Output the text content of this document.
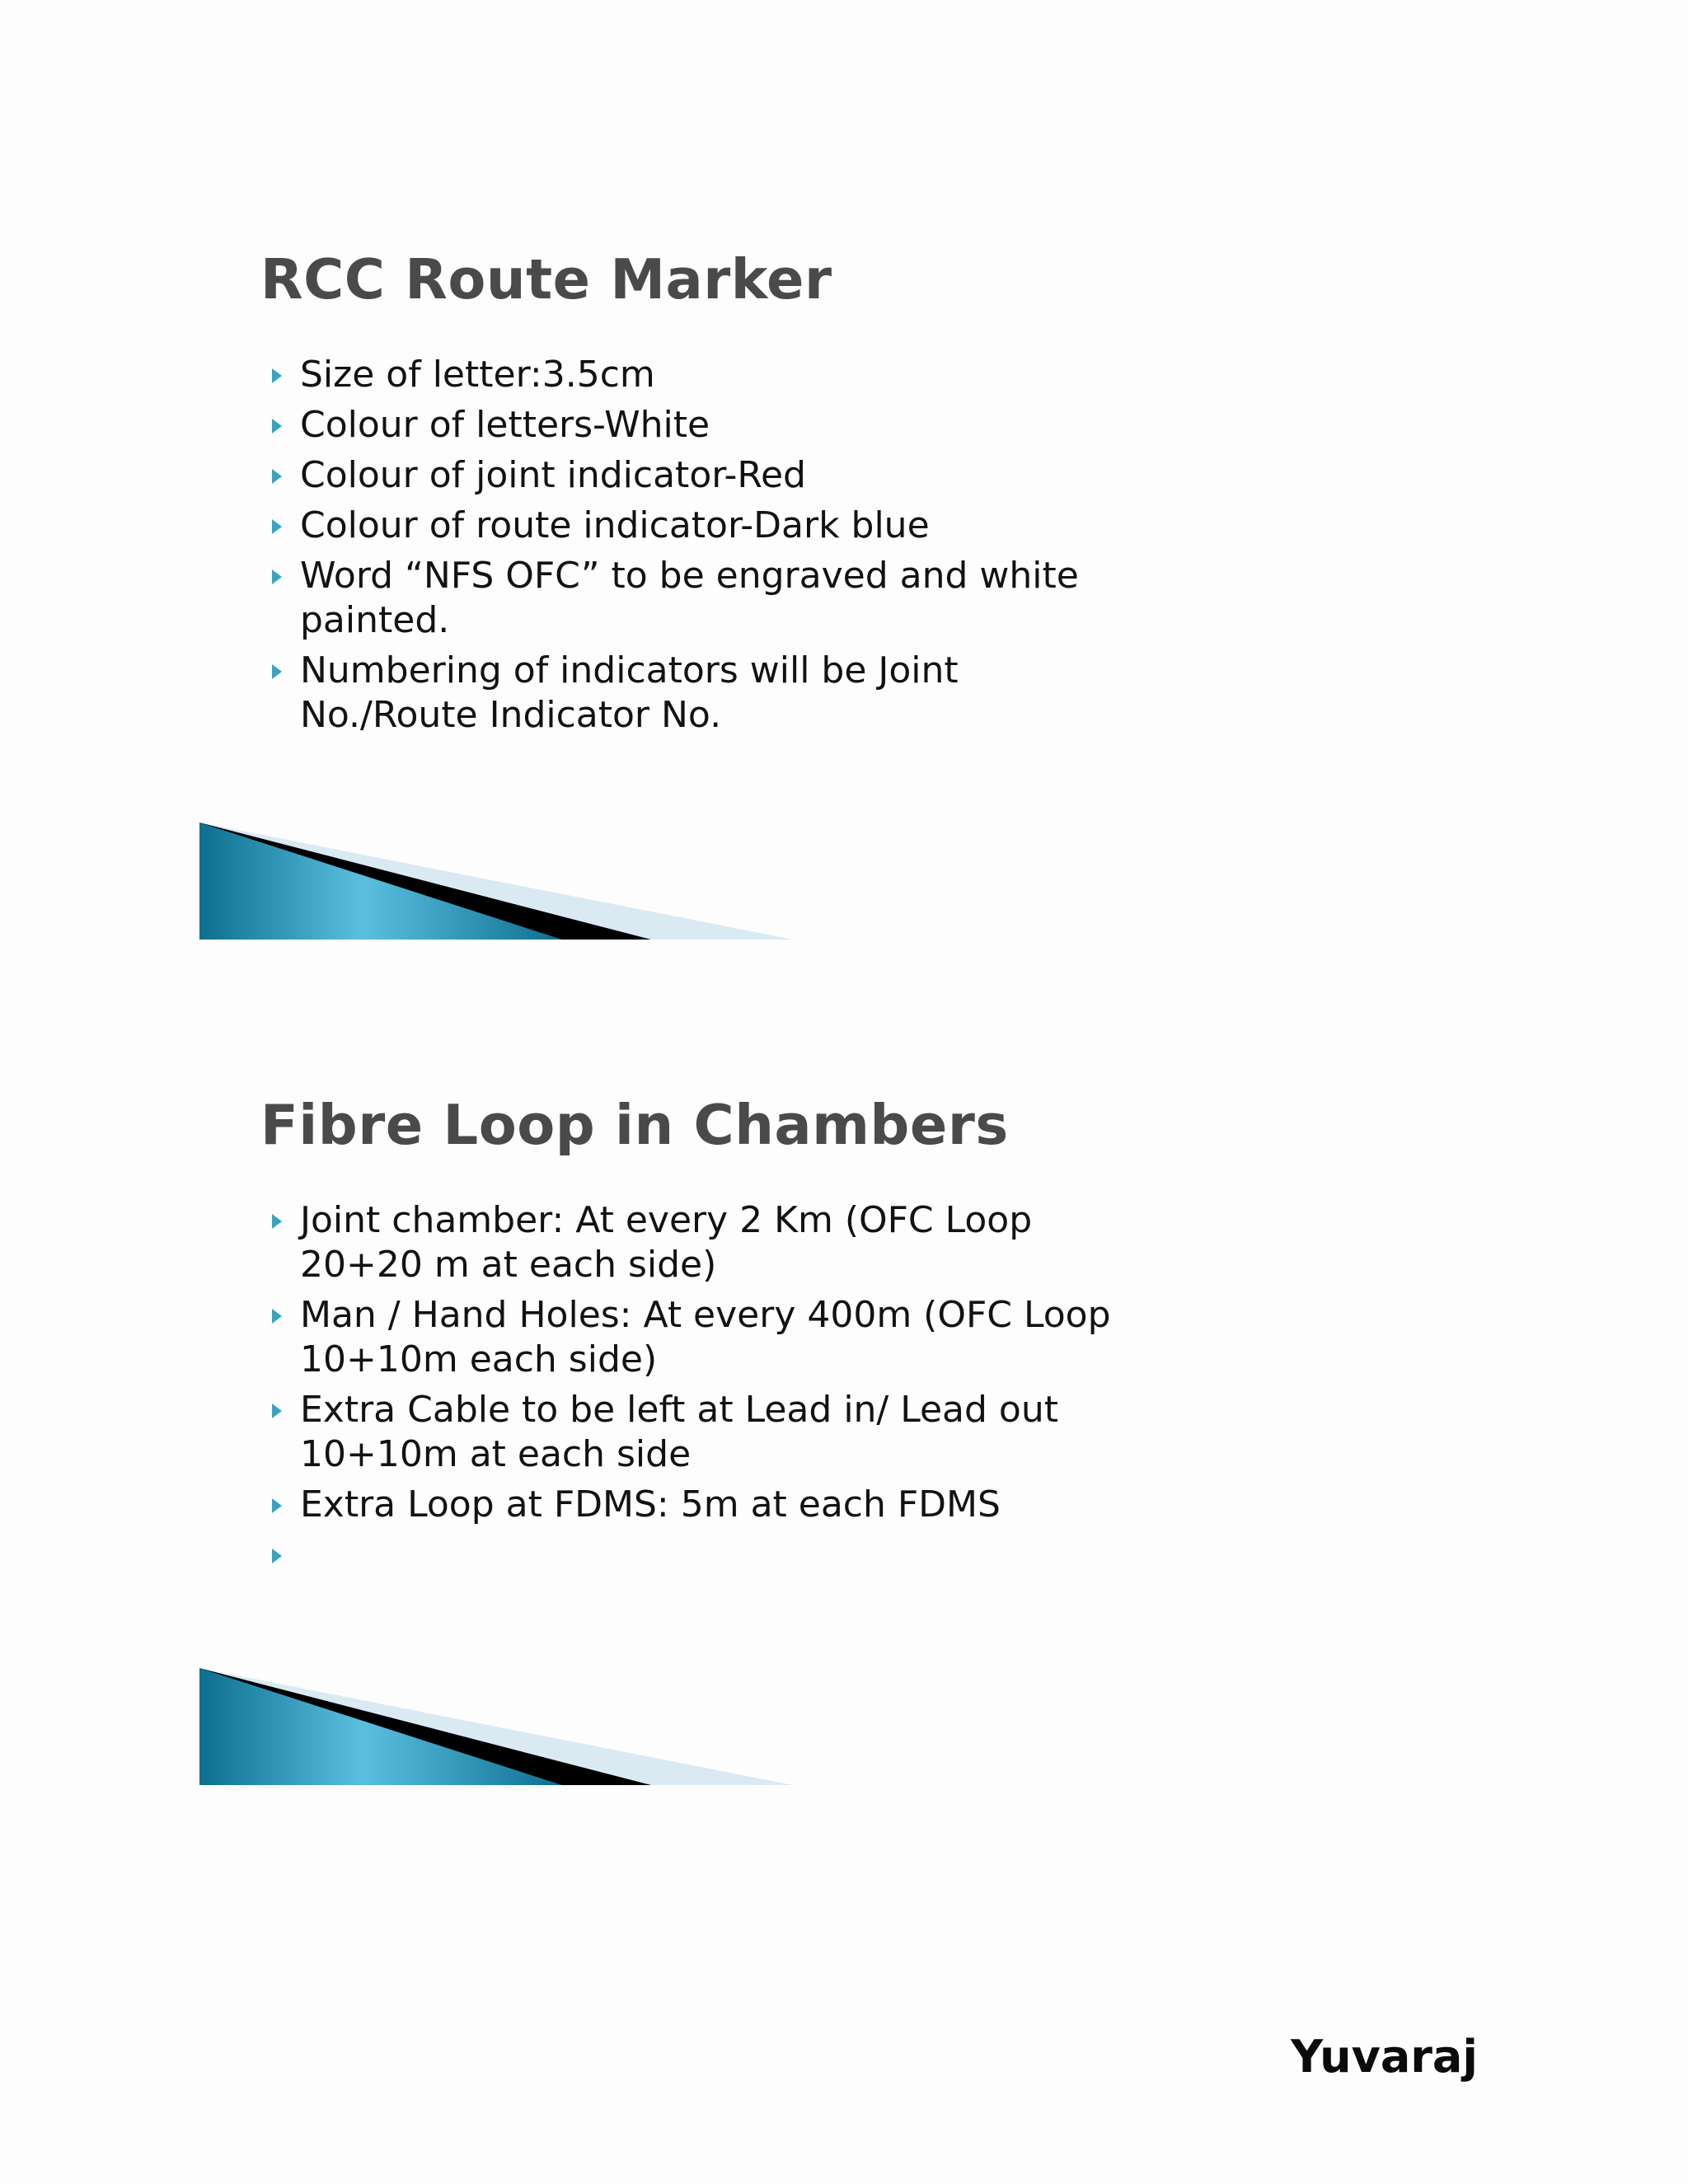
RCC Route Marker
Size of letter:3.5cm
Colour of letters-White
Colour of joint indicator-Red
Colour of route indicator-Dark blue
Word “NFS OFC” to be engraved and white painted.
Numbering of indicators will be Joint No./Route Indicator No.
Fibre Loop in Chambers
Joint chamber: At every 2 Km (OFC Loop 20+20 m at each side)
Man / Hand Holes: At every 400m (OFC Loop 10+10m each side)
Extra Cable to be left at Lead in/ Lead out 10+10m at each side
Extra Loop at FDMS: 5m at each FDMS
Yuvaraj
